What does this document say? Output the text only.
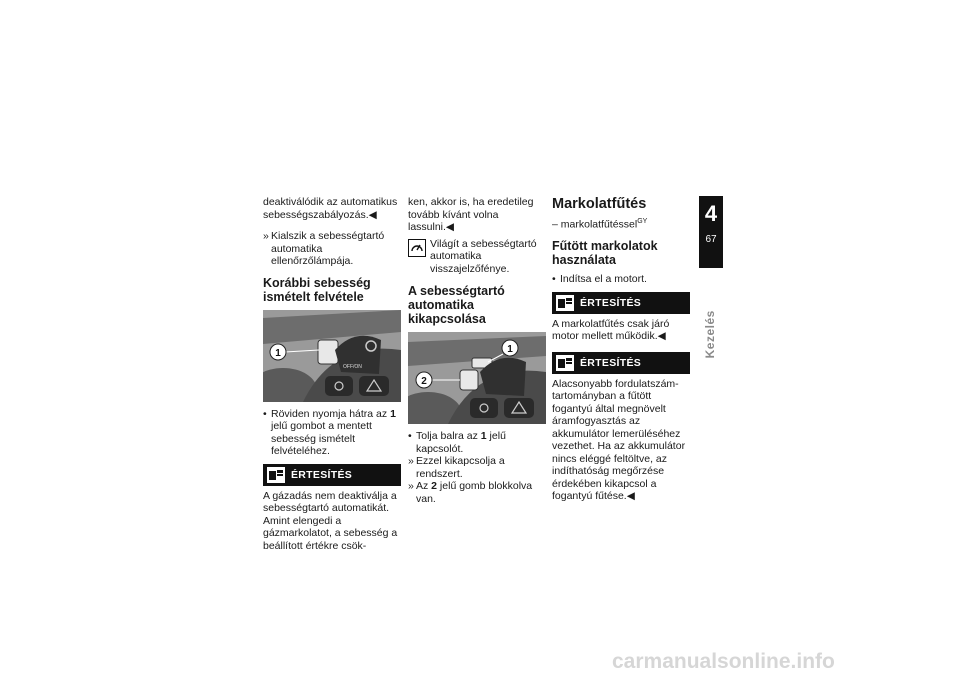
deaktiválódik az automatikus sebességszabályozás.◀

» Kialszik a sebességtartó automatika ellenőrzőlámpája.

Korábbi sebesség ismételt felvétele
OFF/ON
1

• Röviden nyomja hátra az 1 jelű gombot a mentett sebesség ismételt felvételéhez.

ÉRTESÍTÉS

A gázadás nem deaktiválja a sebességtartó automatikát. Amint elengedi a gázmarkolatot, a sebesség a beállított értékre csök-

ken, akkor is, ha eredetileg tovább kívánt volna lassulni.◀

Világít a sebességtartó automatika visszajelzőfénye.
A sebességtartó automatika kikapcsolása
1
2

• Tolja balra az 1 jelű kapcsolót.

» Ezzel kikapcsolja a rendszert.

» Az 2 jelű gomb blokkolva van.

Markolatfűtés

– markolatfűtéssel$^{GY}$

Fűtött markolatok használata

• Indítsa el a motort.

ÉRTESÍTÉS

A markolatfűtés csak járó motor mellett működik.◀

ÉRTESÍTÉS

Alacsonyabb fordulatszám-tartományban a fűtött fogantyú által megnövelt áramfogyasztás az akkumulátor lemerüléséhez vezethet. Ha az akkumulátor nincs eléggé feltöltve, az indíthatóság megőrzése érdekében kikapcsol a fogantyú fűtése.◀

4
67
Kezelés
carmanualsonline.info
